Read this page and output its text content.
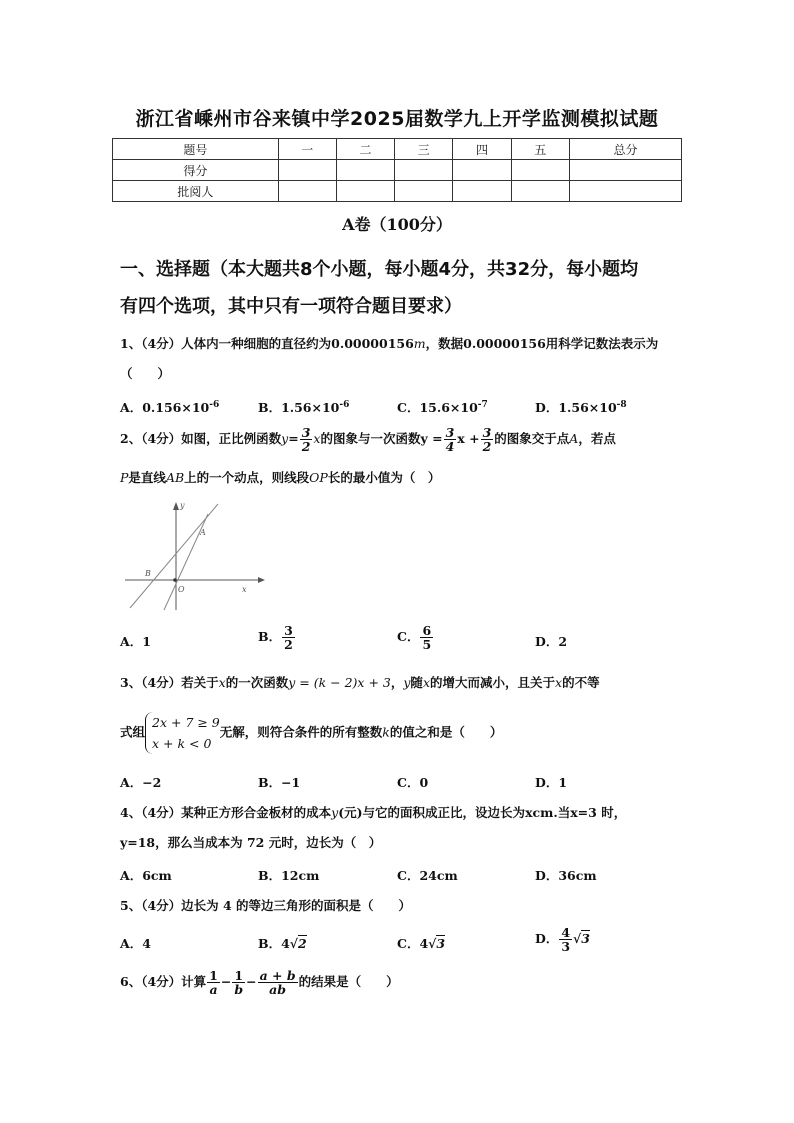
浙江省嵊州市谷来镇中学2025届数学九上开学监测模拟试题
题号	一	二	三	四	五	总分
得分						
批阅人						
A卷（100分）
一、选择题（本大题共8个小题，每小题4分，共32分，每小题均
有四个选项，其中只有一项符合题目要求）
1、（4分）人体内一种细胞的直径约为0.00000156m，数据0.00000156用科学记数法表示为
（　　）
A．$0.156\times 10^{-6}$	B．$1.56\times 10^{-6}$	C．$15.6\times 10^{-7}$	D．$1.56\times 10^{-8}$
2、（4分）如图，正比例函数$y= \frac{3}{2}$ x的图象与一次函数$y = \frac{3}{4}$ $x + \frac{3}{2}$ 的图象交于点A，若点
P是直线AB上的一个动点，则线段OP长的最小值为（　）
y
A
B
O	x
A．1	B． $\frac{3}{2}$	C． $\frac{6}{5}$	D．2
3、（4分）若关于x的一次函数y = (k − 2)x + 3，y随x的增大而减小，且关于x的不等
式组
2x + 7 ≥ 9
x + k < 0
无解，则符合条件的所有整数k的值之和是（　　）
A．−2	B．−1	C．0	D．1
4、（4分）某种正方形合金板材的成本y(元)与它的面积成正比，设边长为xcm.当x=3 时，
y=18，那么当成本为 72 元时，边长为（　）
A．6cm	B．12cm	C．24cm	D．36cm
5、（4分）边长为 4 的等边三角形的面积是（　　）
A．4	B．4√2	C．4√3	D． $\frac{4}{3} √3$
6、（4分）计算 $\frac{1}{a} - \frac{1}{b} - \frac{a + b}{ab}$ 的结果是（　　）
